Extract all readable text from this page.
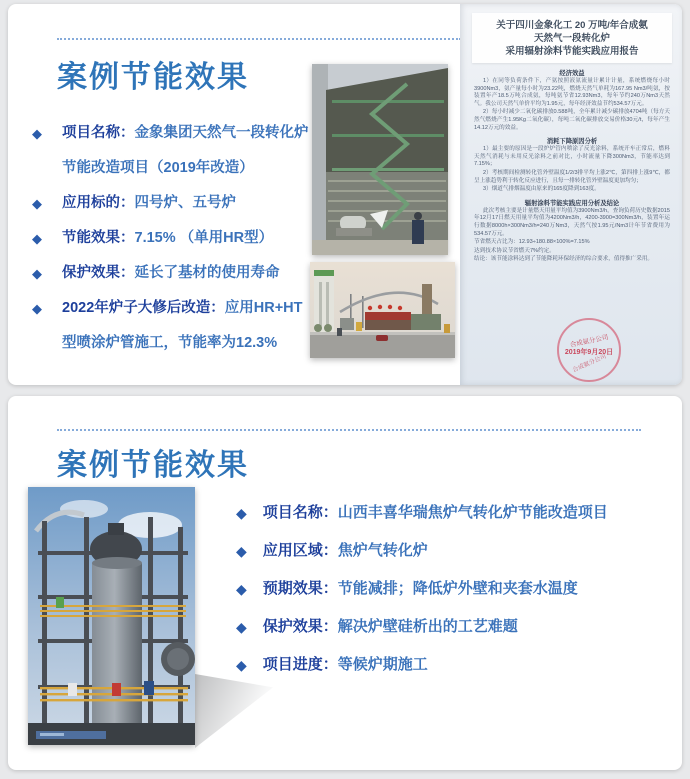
案例节能效果
◆ 项目名称：金象集团天然气一段转化炉节能改造项目（2019年改造）

◆ 应用标的：四号炉、五号炉

◆ 节能效果：7.15% （单用HR型）

◆ 保护效果：延长了基材的使用寿命

◆ 2022年炉子大修后改造：应用HR+HT型喷涂炉管施工，节能率为12.3%

关于四川金象化工 20 万吨/年合成氨
天然气一段转化炉
采用辐射涂料节能实践应用报告
经济效益

1）在同等负荷条件下，产氨按照液氨流量计累计计量，系统燃烧每小时3900Nm3，氨产量每小时为23.22吨，燃烧天然气单耗为167.95 Nm3/吨氨，按装置年产18.5万吨合成氨，每吨氨节省12.93Nm3，每年节约240万Nm3天然气。我公司天然气单价平均为1.95元，每年经济效益节约534.57万元。

2）每小时减少二氧化碳排放0.588吨，全年累计减少碳排放4704吨（每方天然气燃烧产生1.95Kg二氧化碳），每吨二氧化碳排放交易价格30元/t，每年产生14.12万元的效益。

消耗下降原因分析

1）最主要的原因是一段炉炉管内喷涂了反光涂料，系统开车正常后，燃料天然气消耗与未用反光涂料之前对比，小时流量下降300Nm3，节能率达到7.15%；

2）考核期间检测转化管外壁温度1/2/3排平均上涨2℃，第四排上涨9℃，都呈上涨趋势利于转化反应进行，且每一排转化管外壁温度更加均匀；

3）烟道气排烟温度由原来的165度降到163度。

辐射涂料节能实践应用分析及结论

此次考核主要是计量燃天用量平均值为3900Nm3/h，查询负荷历史数据2015年12月17日燃天用量平均值为4200Nm3/h，4200-3900=300Nm3/h，装置年运行数据8000h×300Nm3/h=240万Nm3，天然气按1.95元/Nm3计年节省费用为534.57万元。

节省燃天占比为：12.93÷180.88×100%=7.15%

达到技术协议节省燃天7%约定。

结论：该节能涂料达到了节能降耗环保经济的综合要求，值得推广采用。

合成氨分公司
2019年9月20日
合成氨分公司
案例节能效果
◆ 项目名称：山西丰喜华瑞焦炉气转化炉节能改造项目

◆ 应用区域：焦炉气转化炉

◆ 预期效果：节能减排；降低炉外壁和夹套水温度

◆ 保护效果：解决炉壁硅析出的工艺难题

◆ 项目进度：等候炉期施工
